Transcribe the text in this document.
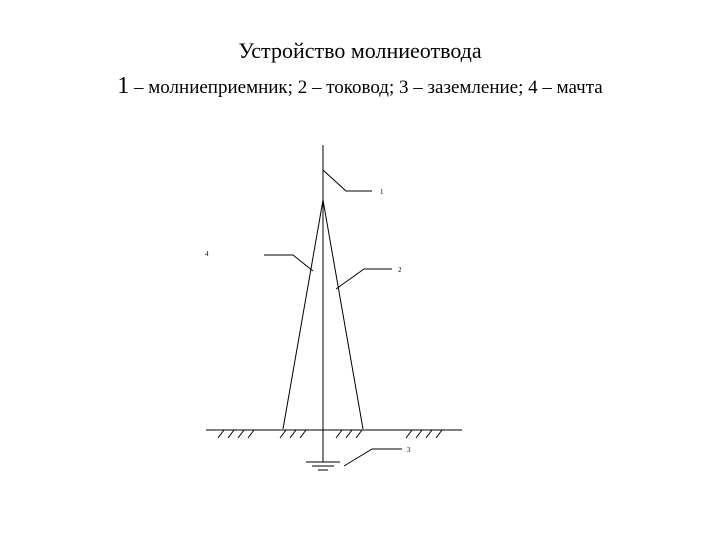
Устройство молниеотвода
1 – молниеприемник; 2 – токовод; 3 – заземление; 4 – мачта
1
2
3
4
